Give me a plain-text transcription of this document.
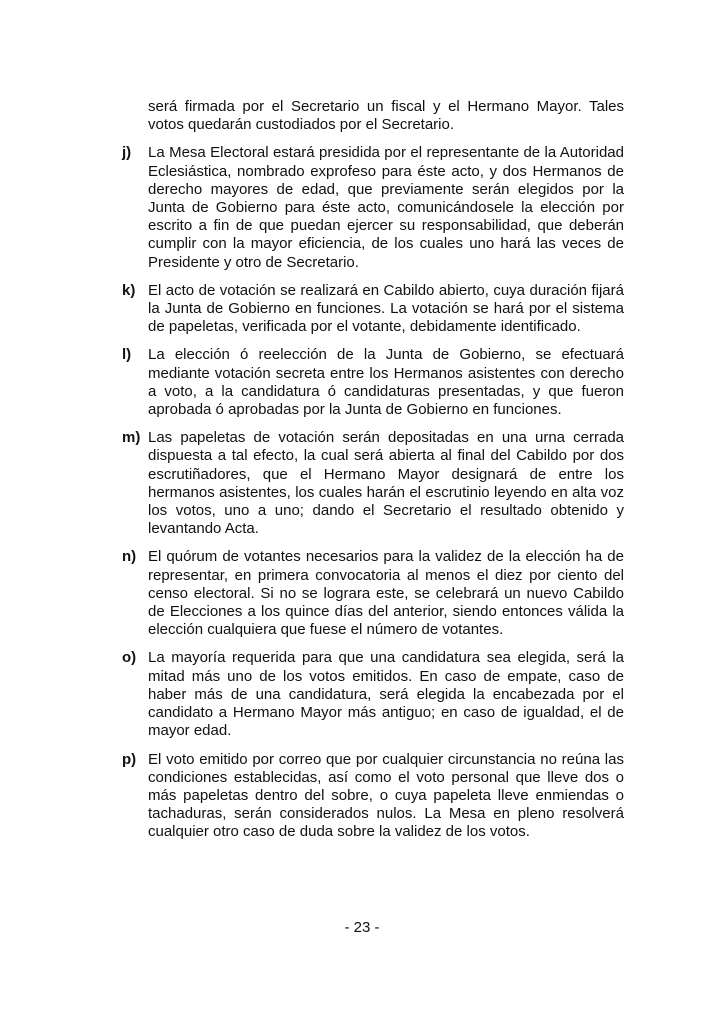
será firmada por el Secretario un fiscal y el Hermano Mayor. Tales votos quedarán custodiados por el Secretario.

j) La Mesa Electoral estará presidida por el representante de la Autoridad Eclesiástica, nombrado exprofeso para éste acto, y dos Hermanos de derecho mayores de edad, que previamente serán elegidos por la Junta de Gobierno para éste acto, comunicándosele la elección por escrito a fin de que puedan ejercer su responsabilidad, que deberán cumplir con la mayor eficiencia, de los cuales uno hará las veces de Presidente y otro de Secretario.

k) El acto de votación se realizará en Cabildo abierto, cuya duración fijará la Junta de Gobierno en funciones. La votación se hará por el sistema de papeletas, verificada por el votante, debidamente identificado.

l) La elección ó reelección de la Junta de Gobierno, se efectuará mediante votación secreta entre los Hermanos asistentes con derecho a voto, a la candidatura ó candidaturas presentadas, y que fueron aprobada ó aprobadas por la Junta de Gobierno en funciones.

m) Las papeletas de votación serán depositadas en una urna cerrada dispuesta a tal efecto, la cual será abierta al final del Cabildo por dos escrutiñadores, que el Hermano Mayor designará de entre los hermanos asistentes, los cuales harán el escrutinio leyendo en alta voz los votos, uno a uno; dando el Secretario el resultado obtenido y levantando Acta.

n) El quórum de votantes necesarios para la validez de la elección ha de representar, en primera convocatoria al menos el diez por ciento del censo electoral. Si no se lograra este, se celebrará un nuevo Cabildo de Elecciones a los quince días del anterior, siendo entonces válida la elección cualquiera que fuese el número de votantes.

o) La mayoría requerida para que una candidatura sea elegida, será la mitad más uno de los votos emitidos. En caso de empate, caso de haber más de una candidatura, será elegida la encabezada por el candidato a Hermano Mayor más antiguo; en caso de igualdad, el de mayor edad.

p) El voto emitido por correo que por cualquier circunstancia no reúna las condiciones establecidas, así como el voto personal que lleve dos o más papeletas dentro del sobre, o cuya papeleta lleve enmiendas o tachaduras, serán considerados nulos. La Mesa en pleno resolverá cualquier otro caso de duda sobre la validez de los votos.

- 23 -
